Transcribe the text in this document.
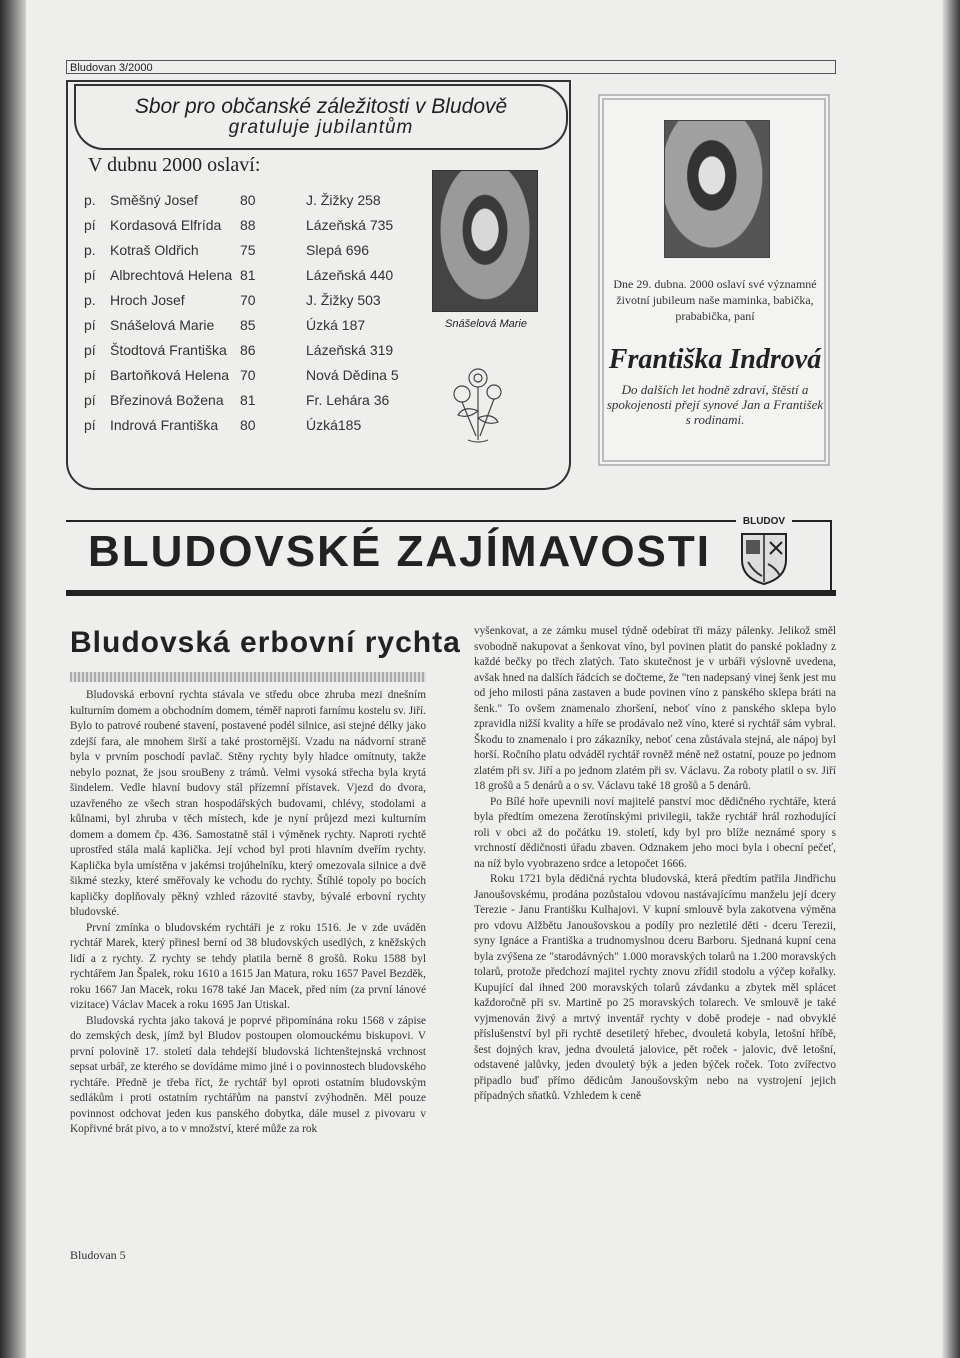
Bludovan 3/2000
Sbor pro občanské záležitosti v Bludově
gratuluje jubilantům
V dubnu 2000 oslaví:
p. Směšný Josef	80	J. Žižky 258
pí Kordasová Elfrída 88	Lázeňská 735
p. Kotraš Oldřich	75	Slepá 696
pí Albrechtová Helena 81	Lázeňská 440
p. Hroch Josef	70	J. Žižky 503
pí Snášelová Marie 85	Úzká 187
pí Štodtová Františka 86	Lázeňská 319
pí Bartoňková Helena 70	Nová Dědina 5
pí Březinová Božena 81	Fr. Lehára 36
pí Indrová Františka 80	Úzká185
Snášelová Marie
Dne 29. dubna. 2000 oslaví své významné životní jubileum naše maminka, babička, prababička, paní
Františka Indrová
Do dalších let hodně zdraví, štěstí a spokojenosti přejí synové Jan a František s rodinami.
BLUDOVSKÉ ZAJÍMAVOSTI
BLUDOV
Bludovská erbovní rychta

Bludovská erbovní rychta stávala ve středu obce zhruba mezi dnešním kulturním domem a obchodním domem, téměř naproti farnímu kostelu sv. Jiří. Bylo to patrové roubené stavení, postavené podél silnice, asi stejné délky jako zdejší fara, ale mnohem širší a také prostornější. Vzadu na nádvorní straně byla v prvním poschodí pavlač. Stěny rychty byly hladce omítnuty, takže nebylo poznat, že jsou srouBeny z trámů. Velmi vysoká střecha byla krytá šindelem. Vedle hlavní budovy stál přízemní přístavek. Vjezd do dvora, uzavřeného ze všech stran hospodářských budovami, chlévy, stodolami a kůlnami, byl zhruba v těch místech, kde je nyní průjezd mezi kulturním domem a domem čp. 436. Samostatně stál i výměnek rychty. Naproti rychtě uprostřed stála malá kaplička. Její vchod byl proti hlavním dveřím rychty. Kaplička byla umístěna v jakémsi trojúhelníku, který omezovala silnice a dvě šikmé stezky, které směřovaly ke vchodu do rychty. Štíhlé topoly po bocích kapličky doplňovaly pěkný vzhled rázovité stavby, bývalé erbovní rychty bludovské.

První zmínka o bludovském rychtáři je z roku 1516. Je v zde uváděn rychtář Marek, který přinesl berní od 38 bludovských usedlých, z kněžských lidí a z rychty. Z rychty se tehdy platila berně 8 grošů. Roku 1588 byl rychtářem Jan Špalek, roku 1610 a 1615 Jan Matura, roku 1657 Pavel Bezděk, roku 1667 Jan Macek, roku 1678 také Jan Macek, před ním (za první lánové vizitace) Václav Macek a roku 1695 Jan Utiskal.

Bludovská rychta jako taková je poprvé připomínána roku 1568 v zápise do zemských desk, jímž byl Bludov postoupen olomouckému biskupovi. V první polovině 17. století dala tehdejší bludovská lichtenštejnská vrchnost sepsat urbář, ze kterého se dovídáme mimo jiné i o povinnostech bludovského rychtáře. Předně je třeba říct, že rychtář byl oproti ostatním bludovským sedlákům i proti ostatním rychtářům na panství zvýhodněn. Měl pouze povinnost odchovat jeden kus panského dobytka, dále musel z pivovaru v Kopřivné brát pivo, a to v množství, které může za rok

vyšenkovat, a ze zámku musel týdně odebírat tři mázy pálenky. Jelikož směl svobodně nakupovat a šenkovat víno, byl povinen platit do panské pokladny z každé bečky po třech zlatých. Tato skutečnost je v urbáři výslovně uvedena, avšak hned na dalších řádcích se dočteme, že "ten nadepsaný vinej šenk jest mu od jeho milosti pána zastaven a bude povinen víno z panského sklepa bráti na šenk." To ovšem znamenalo zhoršení, neboť víno z panského sklepa bylo zpravidla nižší kvality a híře se prodávalo než víno, které si rychtář sám vybral. Škodu to znamenalo i pro zákazníky, neboť cena zůstávala stejná, ale nápoj byl horší. Ročního platu odváděl rychtář rovněž méně než ostatní, pouze po jednom zlatém při sv. Jiří a po jednom zlatém při sv. Václavu. Za roboty platil o sv. Jiří 18 grošů a 5 denárů a o sv. Václavu také 18 grošů a 5 denárů.

Po Bílé hoře upevnili noví majitelé panství moc dědičného rychtáře, která byla předtím omezena žerotínskými privilegii, takže rychtář hrál rozhodující roli v obci až do počátku 19. století, kdy byl pro blíže neznámé spory s vrchností dědičnosti úřadu zbaven. Odznakem jeho moci byla i obecní pečeť, na níž bylo vyobrazeno srdce a letopočet 1666.

Roku 1721 byla dědičná rychta bludovská, která předtím patřila Jindřichu Janoušovskému, prodána pozůstalou vdovou nastávajícímu manželu její dcery Terezie - Janu Františku Kulhajovi. V kupní smlouvě byla zakotvena výměna pro vdovu Alžbětu Janoušovskou a podíly pro nezletilé děti - dceru Terezii, syny Ignáce a Františka a trudnomyslnou dceru Barboru. Sjednaná kupní cena byla zvýšena ze "starodávných" 1.000 moravských tolarů na 1.200 moravských tolarů, protože předchozí majitel rychty znovu zřídil stodolu a výčep kořalky. Kupující dal ihned 200 moravských tolarů závdanku a zbytek měl splácet každoročně při sv. Martině po 25 moravských tolarech. Ve smlouvě je také vyjmenován živý a mrtvý inventář rychty v době prodeje - nad obvyklé příslušenství byl při rychtě desetiletý hřebec, dvouletá kobyla, letošní hříbě, šest dojných krav, jedna dvouletá jalovice, pět roček - jalovic, dvě letošní, odstavené jalůvky, jeden dvouletý býk a jeden býček roček. Toto zvířectvo připadlo buď přímo dědicům Janoušovským nebo na vystrojení jejich případných sňatků. Vzhledem k ceně

Bludovan 5
